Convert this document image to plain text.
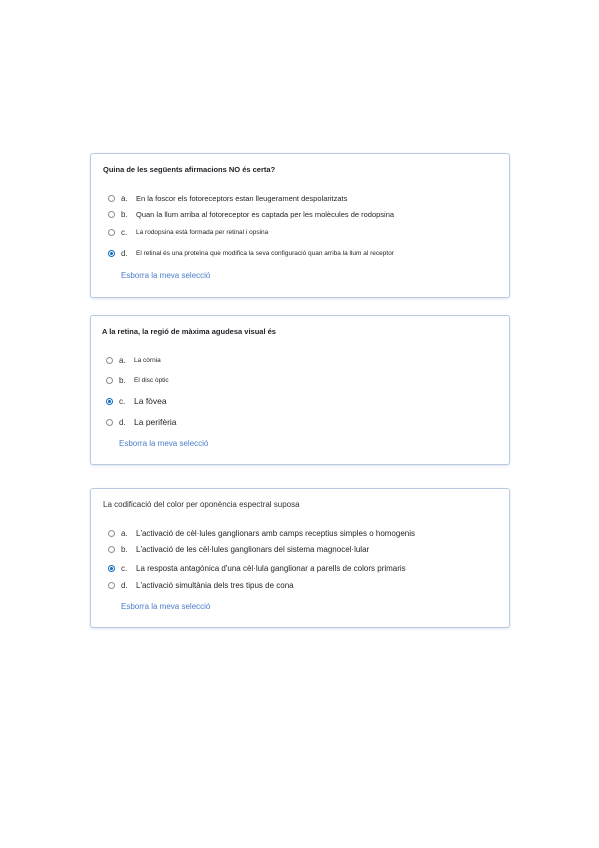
Quina de les següents afirmacions NO és certa?
a. En la foscor els fotoreceptors estan lleugerament despolaritzats
b. Quan la llum arriba al fotoreceptor es captada per les molècules de rodopsina
c. La rodopsina està formada per retinal i opsina
d. El retinal és una proteïna que modifica la seva configuració quan arriba la llum al receptor
Esborra la meva selecció
A la retina, la regió de màxima agudesa visual és
a. La còrnia
b. El disc òptic
c. La fòvea
d. La perifèria
Esborra la meva selecció
La codificació del color per oponència espectral suposa
a. L'activació de cèl·lules ganglionars amb camps receptius simples o homogenis
b. L'activació de les cèl·lules ganglionars del sistema magnocel·lular
c. La resposta antagònica d'una cèl·lula ganglionar a parells de colors primaris
d. L'activació simultània dels tres tipus de cona
Esborra la meva selecció
